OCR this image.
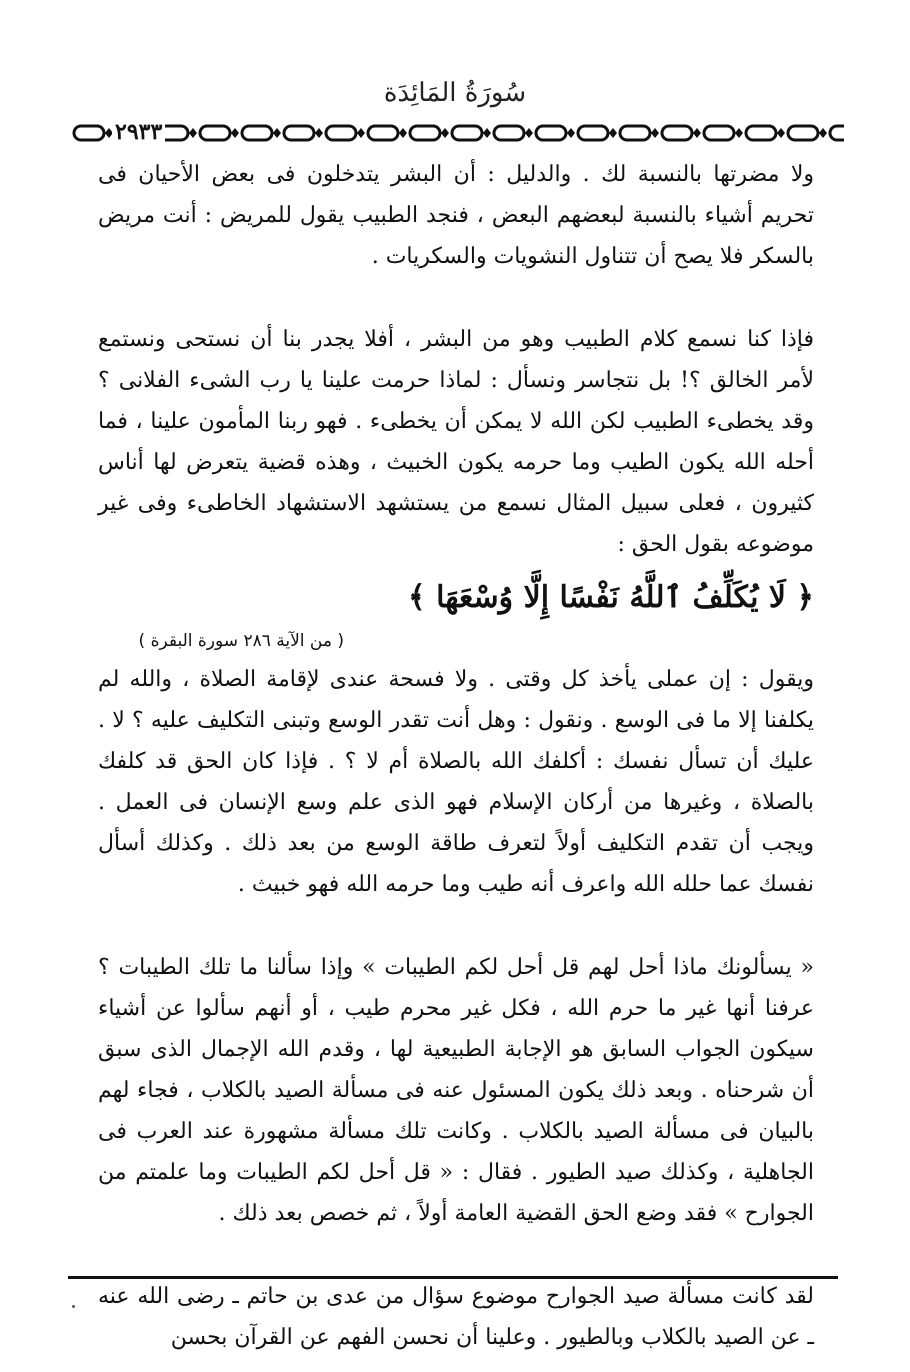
سُورَةُ المَائِدَة
٢٩٣٣

ولا مضرتها بالنسبة لك . والدليل : أن البشر يتدخلون فى بعض الأحيان فى تحريم أشياء بالنسبة لبعضهم البعض ، فنجد الطبيب يقول للمريض : أنت مريض بالسكر فلا يصح أن تتناول النشويات والسكريات .

فإذا كنا نسمع كلام الطبيب وهو من البشر ، أفلا يجدر بنا أن نستحى ونستمع لأمر الخالق ؟! بل نتجاسر ونسأل : لماذا حرمت علينا يا رب الشىء الفلانى ؟ وقد يخطىء الطبيب لكن الله لا يمكن أن يخطىء . فهو ربنا المأمون علينا ، فما أحله الله يكون الطيب وما حرمه يكون الخبيث ، وهذه قضية يتعرض لها أناس كثيرون ، فعلى سبيل المثال نسمع من يستشهد الاستشهاد الخاطىء وفى غير موضوعه بقول الحق :

﴿ لَا يُكَلِّفُ ٱللَّهُ نَفْسًا إِلَّا وُسْعَهَا ﴾
( من الآية ٢٨٦ سورة البقرة )

ويقول : إن عملى يأخذ كل وقتى . ولا فسحة عندى لإقامة الصلاة ، والله لم يكلفنا إلا ما فى الوسع . ونقول : وهل أنت تقدر الوسع وتبنى التكليف عليه ؟ لا . عليك أن تسأل نفسك : أكلفك الله بالصلاة أم لا ؟ . فإذا كان الحق قد كلفك بالصلاة ، وغيرها من أركان الإسلام فهو الذى علم وسع الإنسان فى العمل . ويجب أن تقدم التكليف أولاً لتعرف طاقة الوسع من بعد ذلك . وكذلك أسأل نفسك عما حلله الله واعرف أنه طيب وما حرمه الله فهو خبيث .

« يسألونك ماذا أحل لهم قل أحل لكم الطيبات » وإذا سألنا ما تلك الطيبات ؟ عرفنا أنها غير ما حرم الله ، فكل غير محرم طيب ، أو أنهم سألوا عن أشياء سيكون الجواب السابق هو الإجابة الطبيعية لها ، وقدم الله الإجمال الذى سبق أن شرحناه . وبعد ذلك يكون المسئول عنه فى مسألة الصيد بالكلاب ، فجاء لهم بالبيان فى مسألة الصيد بالكلاب . وكانت تلك مسألة مشهورة عند العرب فى الجاهلية ، وكذلك صيد الطيور . فقال : « قل أحل لكم الطيبات وما علمتم من الجوارح » فقد وضع الحق القضية العامة أولاً ، ثم خصص بعد ذلك .

لقد كانت مسألة صيد الجوارح موضوع سؤال من عدى بن حاتم ـ رضى الله عنه ـ عن الصيد بالكلاب وبالطيور . وعلينا أن نحسن الفهم عن القرآن بحسن
